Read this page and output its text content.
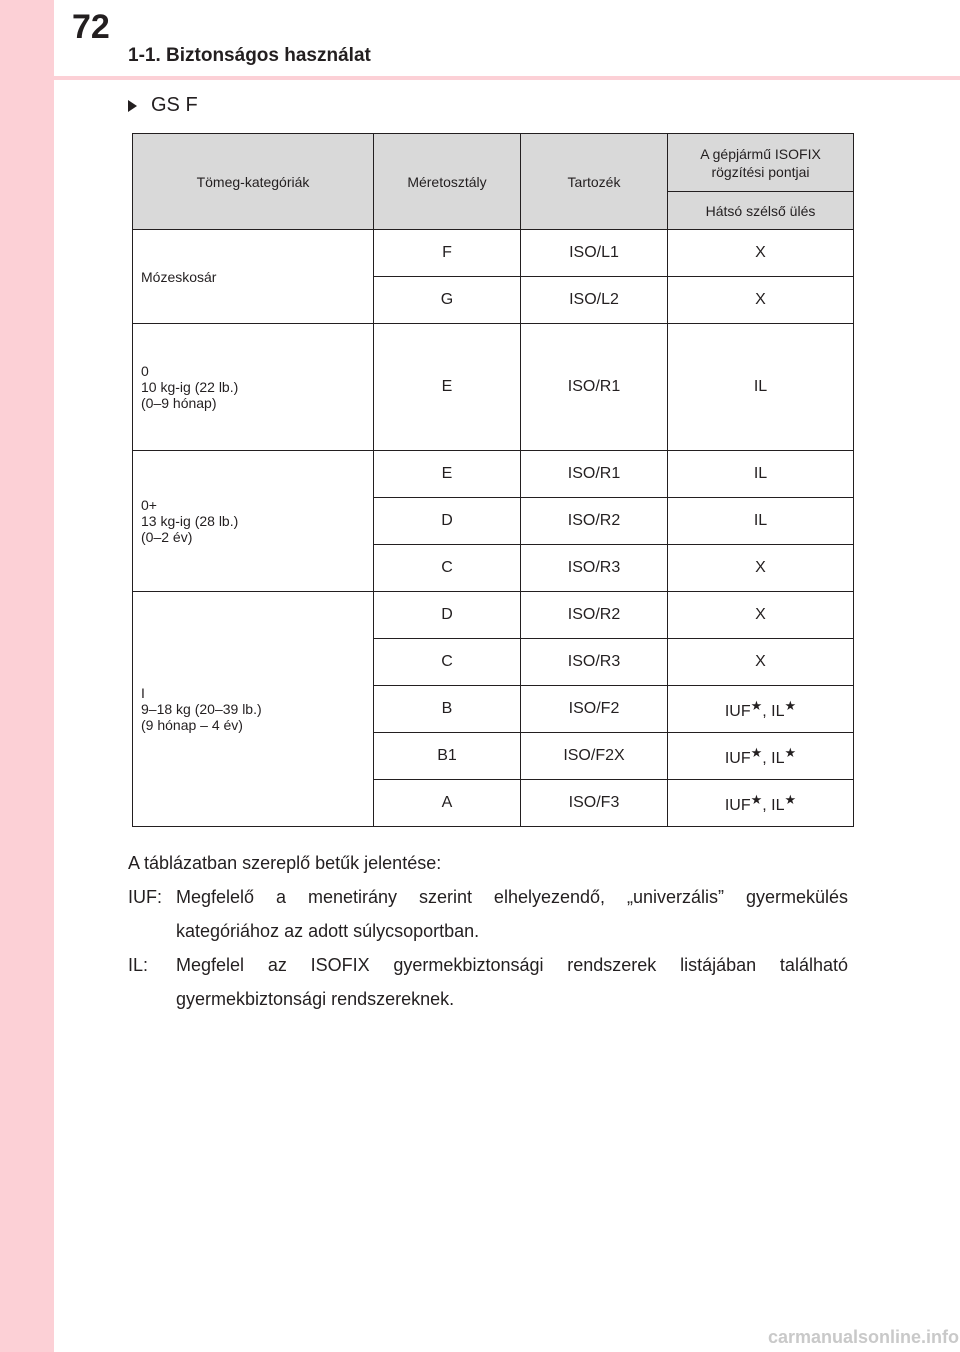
72
1-1. Biztonságos használat
GS F
Tömeg-kategóriák	Méretosztály	Tartozék	A gépjármű ISOFIX rögzítési pontjai
			Hátsó szélső ülés

Mózeskosár	F	ISO/L1	X
	G	ISO/L2	X

0
10 kg-ig (22 lb.)
(0–9 hónap)	E	ISO/R1	IL

0+
13 kg-ig (28 lb.)
(0–2 év)	E	ISO/R1	IL
	D	ISO/R2	IL
	C	ISO/R3	X

I
9–18 kg (20–39 lb.)
(9 hónap – 4 év)	D	ISO/R2	X
	C	ISO/R3	X
	B	ISO/F2	IUF★, IL★
	B1	ISO/F2X	IUF★, IL★
	A	ISO/F3	IUF★, IL★
A táblázatban szereplő betűk jelentése:
IUF: Megfelelő a menetirány szerint elhelyezendő, „univerzális” gyermekülés kategóriához az adott súlycsoportban.
IL:	Megfelel az ISOFIX gyermekbiztonsági rendszerek listájában található gyermekbiztonsági rendszereknek.
carmanualsonline.info
